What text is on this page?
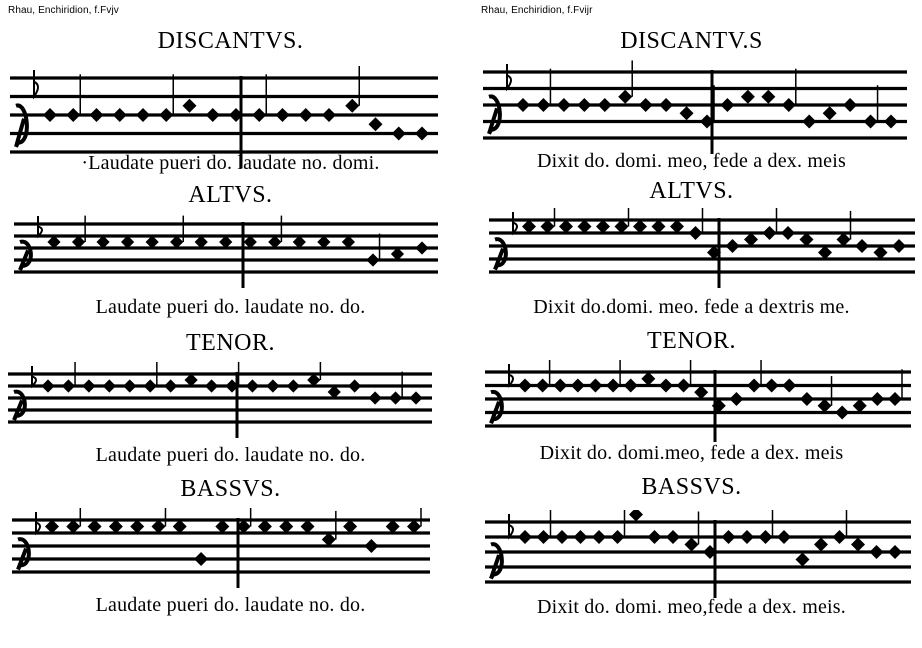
Rhau, Enchiridion, f.Fvjv
DISCANTVS.
·Laudate pueri do. laudate no. domi.
ALTVS.
Laudate pueri do. laudate no. do.
TENOR.
Laudate pueri do. laudate no. do.
BASSVS.
Laudate pueri do. laudate no. do.
Rhau, Enchiridion, f.Fvijr
DISCANTV.S
Dixit do. domi. meo, fede a dex. meis
ALTVS.
Dixit do.domi. meo. fede a dextris me.
TENOR.
Dixit do. domi.meo, fede a dex. meis
BASSVS.
Dixit do. domi. meo,fede a dex. meis.
